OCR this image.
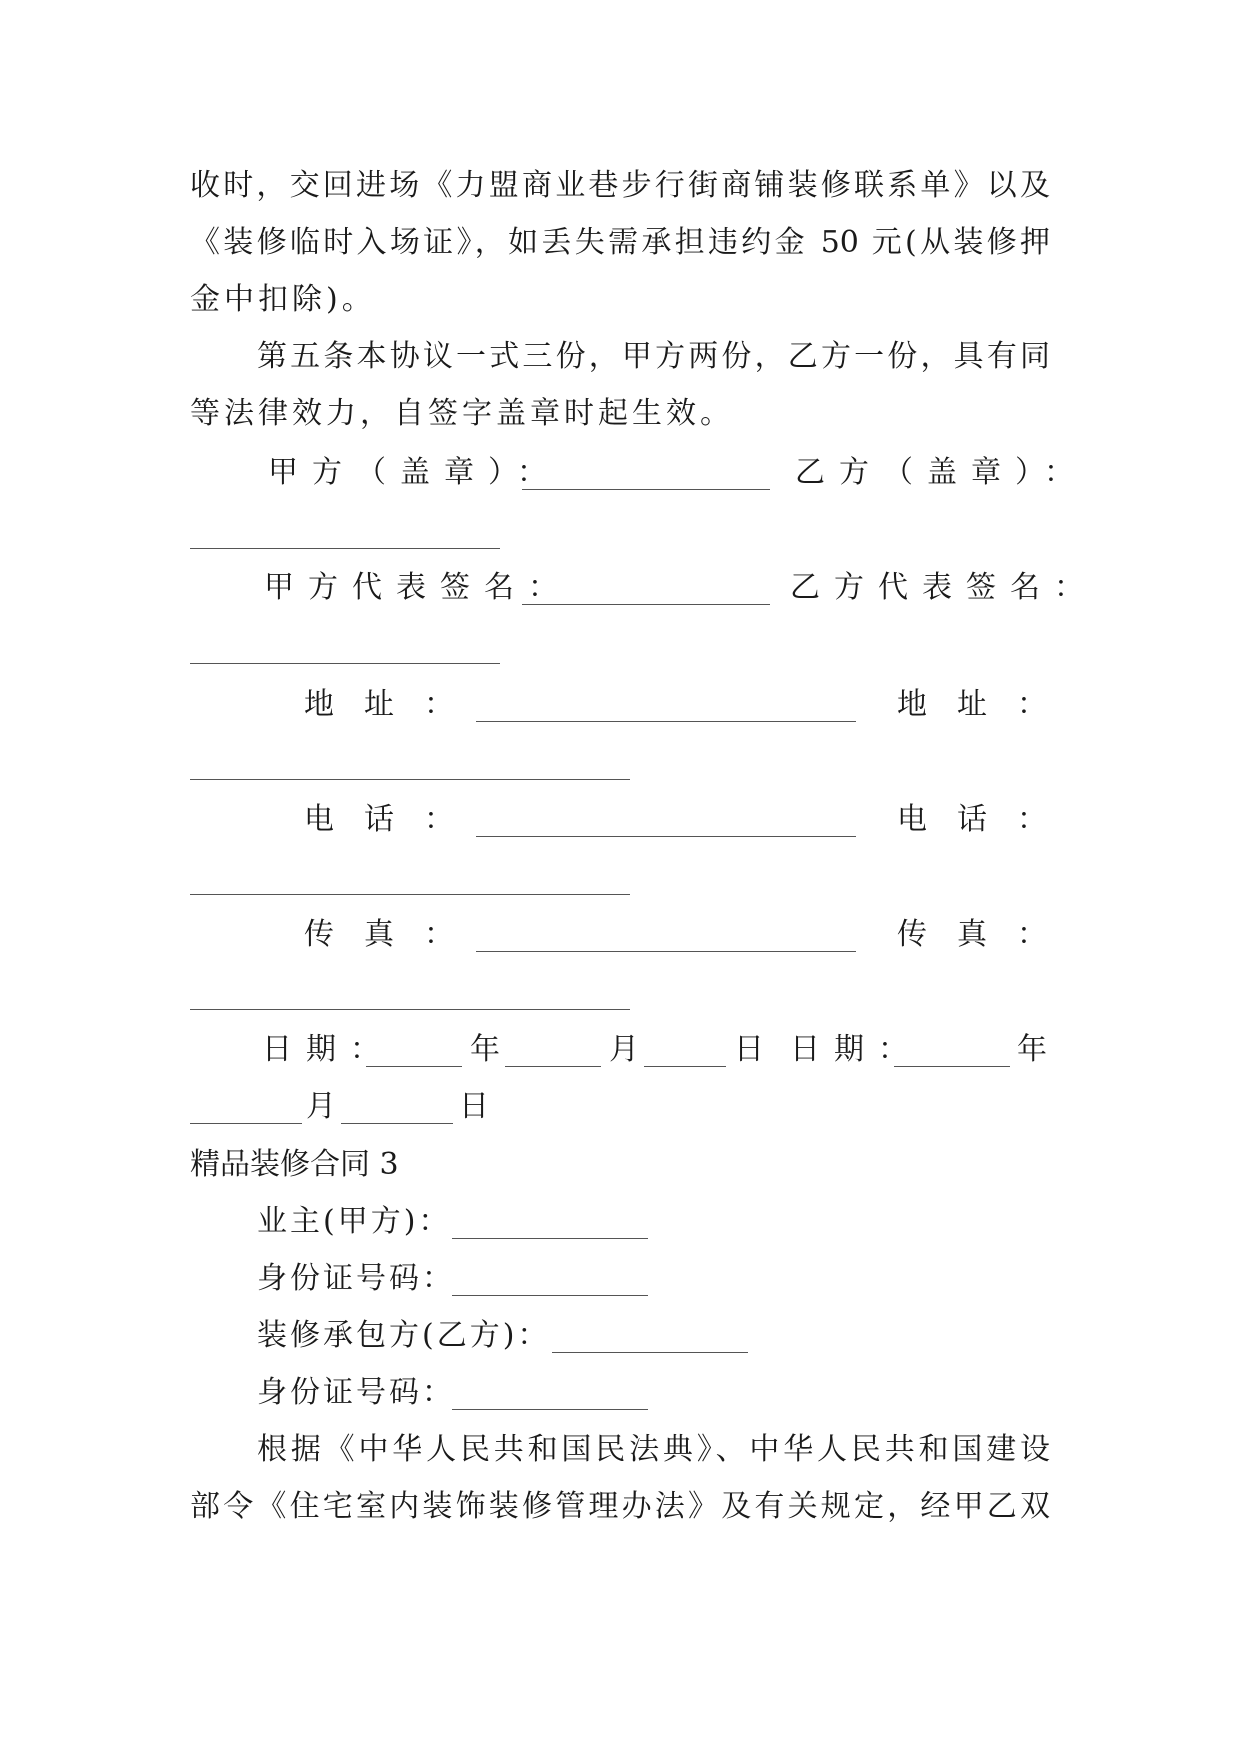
收时，交回进场《力盟商业巷步行街商铺装修联系单》以及
《装修临时入场证》，如丢失需承担违约金 50 元(从装修押
金中扣除)。
第五条本协议一式三份，甲方两份，乙方一份，具有同
等法律效力，自签字盖章时起生效。
甲方（盖章）：	乙方（盖章）：
甲方代表签名：	乙方代表签名：
地址：	地址：
电话：	电话：
传真：	传真：
日期：	年	月	日 日期：	年
月	日
精品装修合同 3
业主(甲方)：
身份证号码：
装修承包方(乙方)：
身份证号码：
根据《中华人民共和国民法典》、中华人民共和国建设
部令《住宅室内装饰装修管理办法》及有关规定，经甲乙双
